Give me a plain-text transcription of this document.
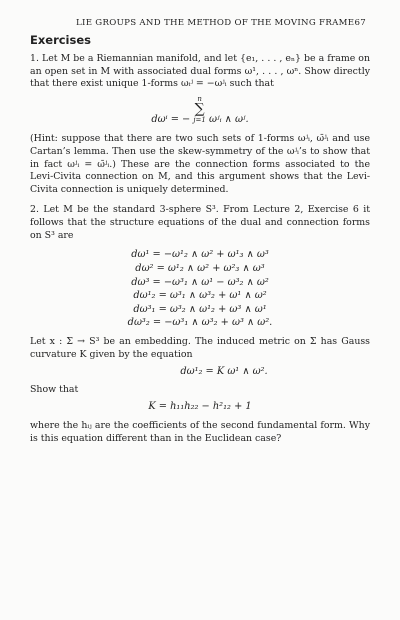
LIE GROUPS AND THE METHOD OF THE MOVING FRAME 67
Exercises

1. Let M be a Riemannian manifold, and let {e₁, . . . , eₙ} be a frame on an open set in M with associated dual forms ω¹, . . . , ωⁿ. Show directly that there exist unique 1-forms ωᵢʲ = −ωʲᵢ such that

dωⁱ = −
n
∑
j=1 ωʲᵢ ∧ ωʲ.

(Hint: suppose that there are two such sets of 1-forms ωʲᵢ, ω̄ʲᵢ and use Cartan’s lemma. Then use the skew-symmetry of the ωʲᵢ’s to show that in fact ωʲᵢ = ω̄ʲᵢ.) These are the connection forms associated to the Levi-Civita connection on M, and this argument shows that the Levi-Civita connection is uniquely determined.

2. Let M be the standard 3-sphere S³. From Lecture 2, Exercise 6 it follows that the structure equations of the dual and connection forms on S³ are

dω¹ = −ω¹₂ ∧ ω² + ω¹₃ ∧ ω³
dω² = ω¹₂ ∧ ω² + ω²₃ ∧ ω³
dω³ = −ω³₁ ∧ ω¹ − ω³₂ ∧ ω²
dω¹₂ = ω³₁ ∧ ω³₂ + ω¹ ∧ ω²
dω³₁ = ω³₂ ∧ ω¹₂ + ω³ ∧ ω¹
dω³₂ = −ω³₁ ∧ ω³₂ + ω³ ∧ ω².

Let x : Σ → S³ be an embedding. The induced metric on Σ has Gauss curvature K given by the equation

dω¹₂ = K ω¹ ∧ ω².

Show that

K = h₁₁h₂₂ − h²₁₂ + 1

where the hᵢⱼ are the coefficients of the second fundamental form. Why is this equation different than in the Euclidean case?
